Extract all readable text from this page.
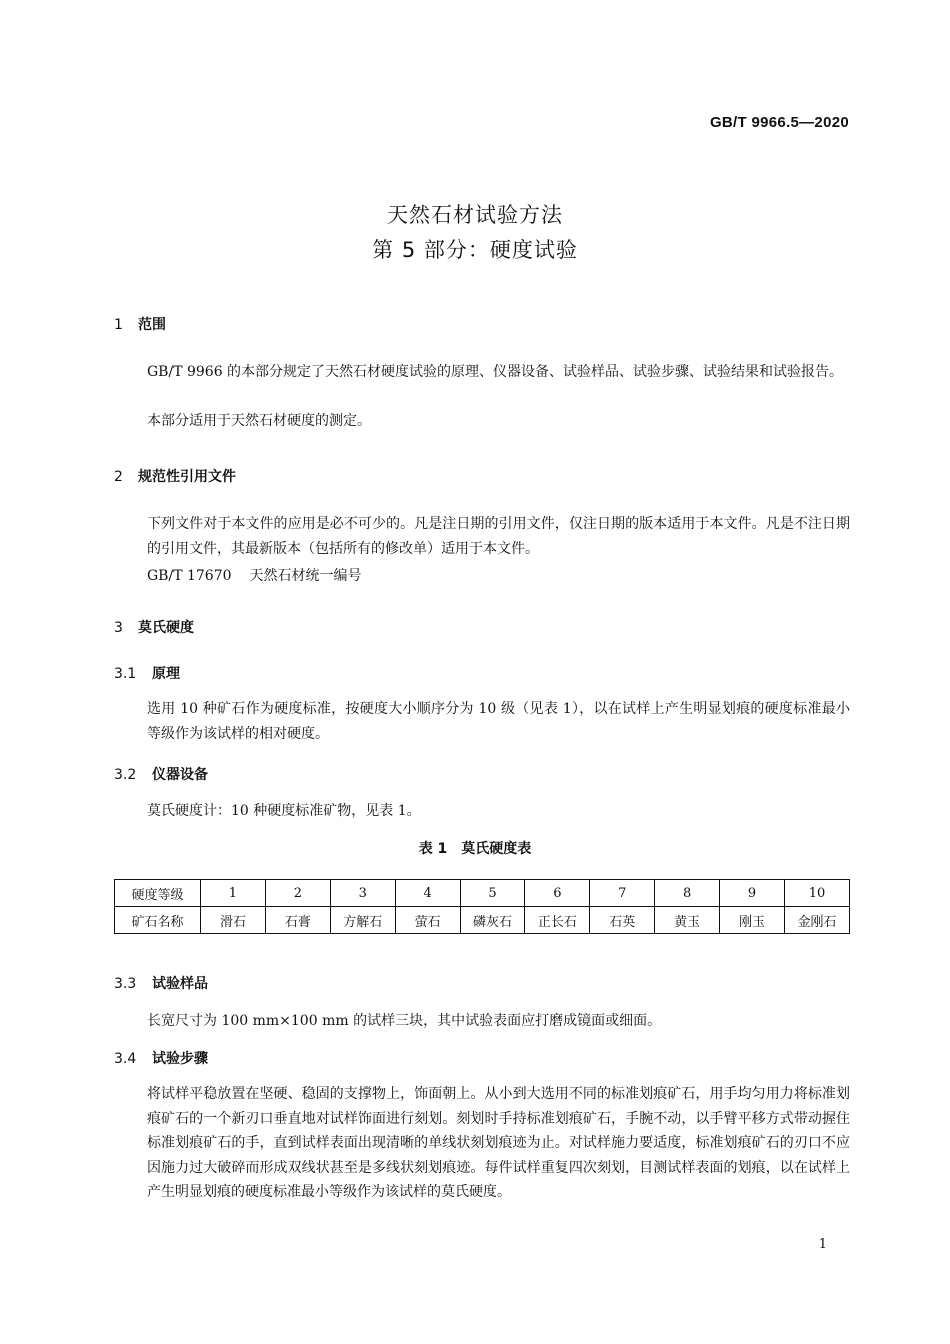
GB/T 9966.5—2020
天然石材试验方法
第 5 部分：硬度试验
1 范围
GB/T 9966 的本部分规定了天然石材硬度试验的原理、仪器设备、试验样品、试验步骤、试验结果和试验报告。
本部分适用于天然石材硬度的测定。
2 规范性引用文件
下列文件对于本文件的应用是必不可少的。凡是注日期的引用文件，仅注日期的版本适用于本文件。凡是不注日期的引用文件，其最新版本（包括所有的修改单）适用于本文件。
GB/T 17670 天然石材统一编号
3 莫氏硬度
3.1 原理
选用 10 种矿石作为硬度标准，按硬度大小顺序分为 10 级（见表 1），以在试样上产生明显划痕的硬度标准最小等级作为该试样的相对硬度。
3.2 仪器设备
莫氏硬度计：10 种硬度标准矿物，见表 1。
表 1　莫氏硬度表
硬度等级	1	2	3	4	5	6	7	8	9	10
矿石名称	滑石	石膏	方解石	萤石	磷灰石	正长石	石英	黄玉	刚玉	金刚石
3.3 试验样品
长宽尺寸为 100 mm×100 mm 的试样三块，其中试验表面应打磨成镜面或细面。
3.4 试验步骤
将试样平稳放置在坚硬、稳固的支撑物上，饰面朝上。从小到大选用不同的标准划痕矿石，用手均匀用力将标准划痕矿石的一个新刃口垂直地对试样饰面进行刻划。刻划时手持标准划痕矿石，手腕不动，以手臂平移方式带动握住标准划痕矿石的手，直到试样表面出现清晰的单线状刻划痕迹为止。对试样施力要适度，标准划痕矿石的刃口不应因施力过大破碎而形成双线状甚至是多线状刻划痕迹。每件试样重复四次刻划，目测试样表面的划痕，以在试样上产生明显划痕的硬度标准最小等级作为该试样的莫氏硬度。
1
